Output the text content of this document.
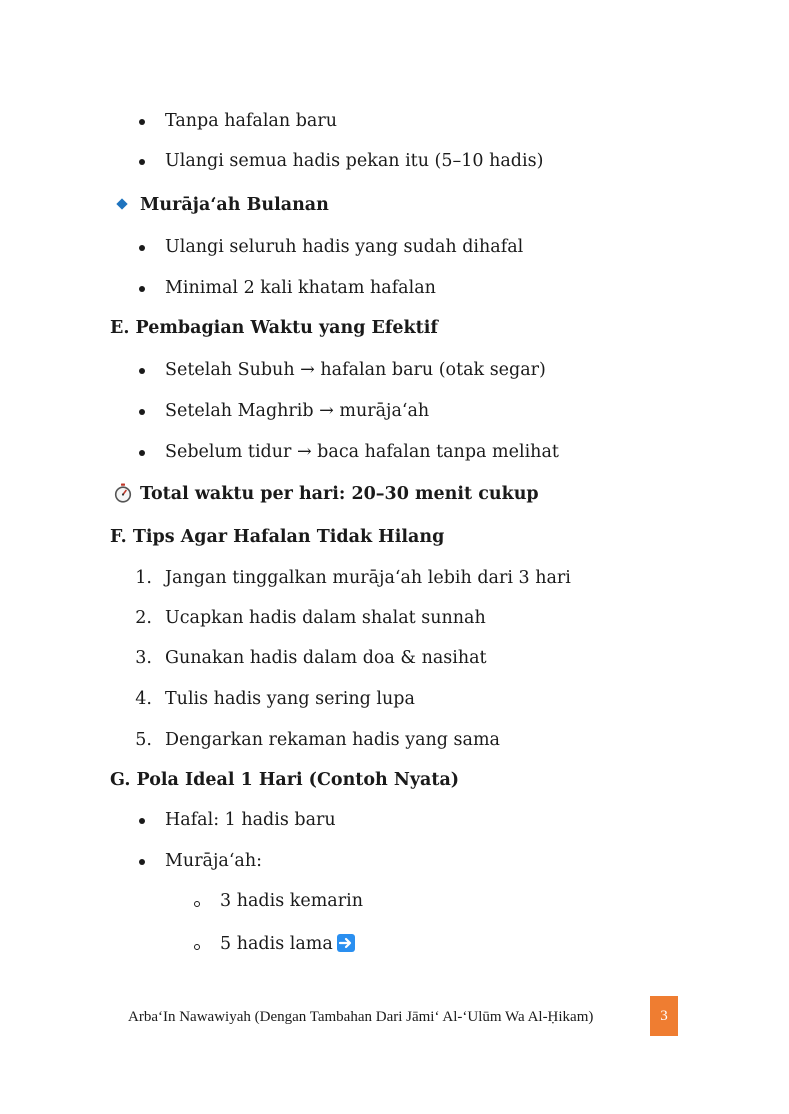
Tanpa hafalan baru
Ulangi semua hadis pekan itu (5–10 hadis)
Murāja‘ah Bulanan
Ulangi seluruh hadis yang sudah dihafal
Minimal 2 kali khatam hafalan
E. Pembagian Waktu yang Efektif
Setelah Subuh → hafalan baru (otak segar)
Setelah Maghrib → murāja‘ah
Sebelum tidur → baca hafalan tanpa melihat
Total waktu per hari: 20–30 menit cukup
F. Tips Agar Hafalan Tidak Hilang
1. Jangan tinggalkan murāja‘ah lebih dari 3 hari
2. Ucapkan hadis dalam shalat sunnah
3. Gunakan hadis dalam doa & nasihat
4. Tulis hadis yang sering lupa
5. Dengarkan rekaman hadis yang sama
G. Pola Ideal 1 Hari (Contoh Nyata)
Hafal: 1 hadis baru
Murāja‘ah:
3 hadis kemarin
5 hadis lama
Arba‘In Nawawiyah (Dengan Tambahan Dari Jāmi‘ Al-‘Ulūm Wa Al-Ḥikam)	3
